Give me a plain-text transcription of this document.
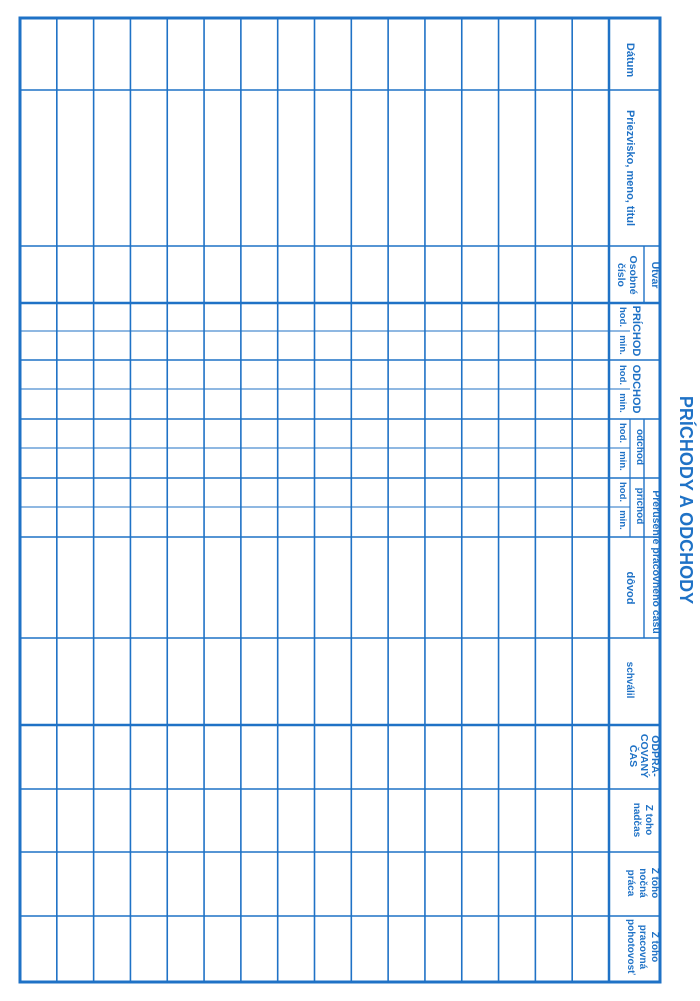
PRÍCHODY A ODCHODY
Dátum
Priezvisko, meno, titul
Útvar
Osobné
číslo
PRÍCHOD
ODCHOD
Prerušenie pracovného času
odchod
príchod
dôvod
schválil
ODPRA-
COVANÝ
ČAS
Z toho
nadčas
Z toho
nočná
práca
Z toho
pracovná
pohotovosť
hod.
min.
hod.
min.
hod.
min.
hod.
min.
